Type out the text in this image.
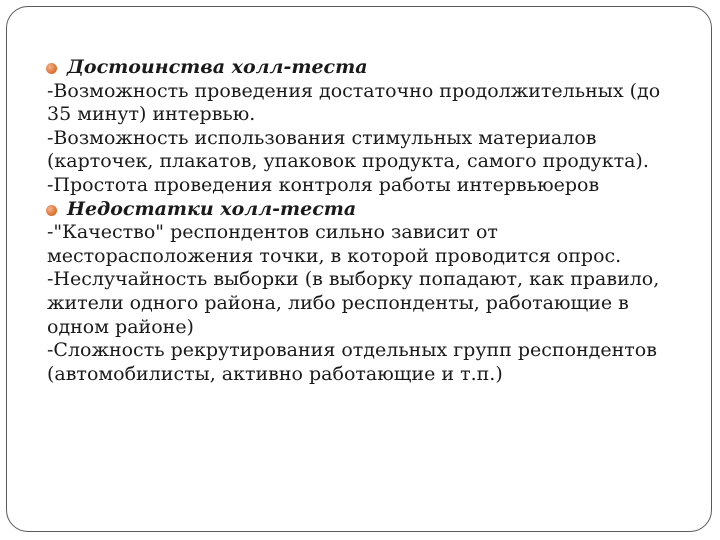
Достоинства холл-теста

-Возможность проведения достаточно продолжительных (до 35 минут) интервью.

-Возможность использования стимульных материалов (карточек, плакатов, упаковок продукта, самого продукта).

-Простота проведения контроля работы интервьюеров

Недостатки холл-теста

-"Качество" респондентов сильно зависит от месторасположения точки, в которой проводится опрос.

-Неслучайность выборки (в выборку попадают, как правило, жители одного района, либо респонденты, работающие в одном районе)

-Сложность рекрутирования отдельных групп респондентов (автомобилисты, активно работающие и т.п.)
